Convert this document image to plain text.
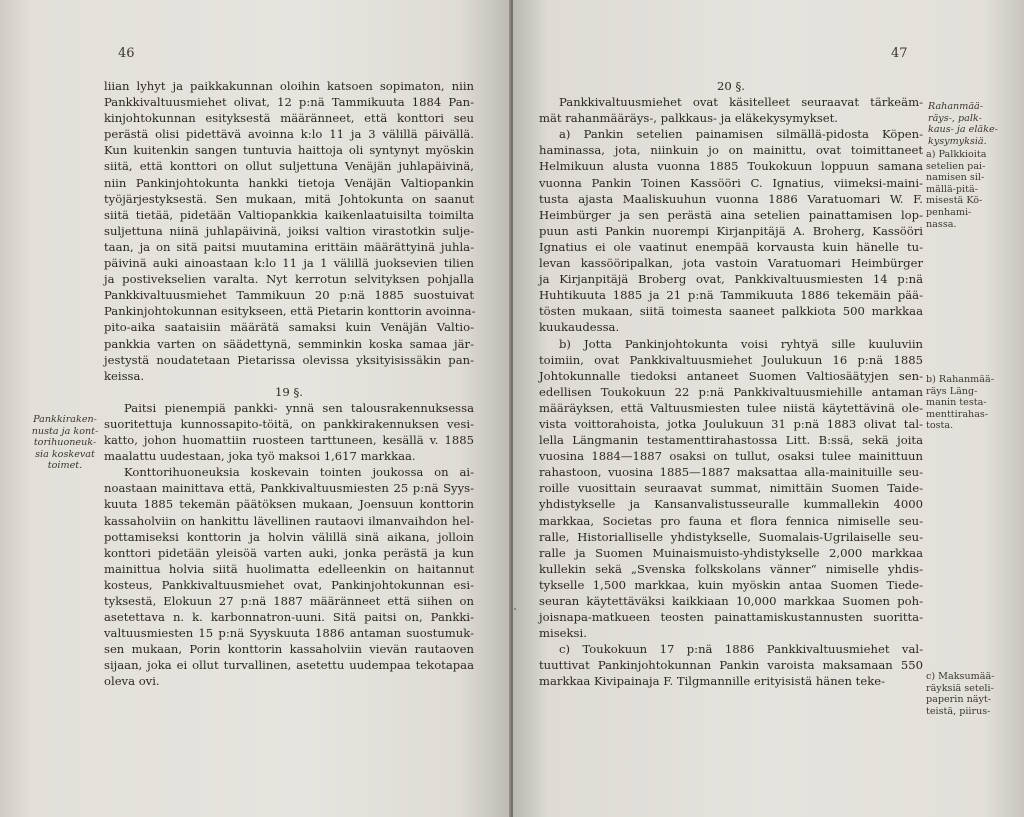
46
liian lyhyt ja paikkakunnan oloihin katsoen sopimaton, niin
Pankkivaltuusmiehet olivat, 12 p:nä Tammikuuta 1884 Pan-
kinjohtokunnan esityksestä määränneet, että konttori seu
perästä olisi pidettävä avoinna k:lo 11 ja 3 välillä päivällä.
Kun kuitenkin sangen tuntuvia haittoja oli syntynyt myöskin
siitä, että konttori on ollut suljettuna Venäjän juhlapäivinä,
niin Pankinjohtokunta hankki tietoja Venäjän Valtiopankin
työjärjestyksestä. Sen mukaan, mitä Johtokunta on saanut
siitä tietää, pidetään Valtiopankkia kaikenlaatuisilta toimilta
suljettuna niinä juhlapäivinä, joiksi valtion virastotkin sulje-
taan, ja on sitä paitsi muutamina erittäin määrättyinä juhla-
päivinä auki ainoastaan k:lo 11 ja 1 välillä juoksevien tilien
ja postivekselien varalta. Nyt kerrotun selvityksen pohjalla
Pankkivaltuusmiehet Tammikuun 20 p:nä 1885 suostuivat
Pankinjohtokunnan esitykseen, että Pietarin konttorin avoinna-
pito-aika saataisiin määrätä samaksi kuin Venäjän Valtio-
pankkia varten on säädettynä, semminkin koska samaa jär-
jestystä noudatetaan Pietarissa olevissa yksityisissäkin pan-
keissa.
19 §.
Paitsi pienempiä pankki- ynnä sen talousrakennuksessa
suoritettuja kunnossapito-töitä, on pankkirakennuksen vesi-
katto, johon huomattiin ruosteen tarttuneen, kesällä v. 1885
maalattu uudestaan, joka työ maksoi 1,617 markkaa.
Konttorihuoneuksia koskevain tointen joukossa on ai-
noastaan mainittava että, Pankkivaltuusmiesten 25 p:nä Syys-
kuuta 1885 tekemän päätöksen mukaan, Joensuun konttorin
kassaholviin on hankittu lävellinen rautaovi ilmanvaihdon hel-
pottamiseksi konttorin ja holvin välillä sinä aikana, jolloin
konttori pidetään yleisöä varten auki, jonka perästä ja kun
mainittua holvia siitä huolimatta edelleenkin on haitannut
kosteus, Pankkivaltuusmiehet ovat, Pankinjohtokunnan esi-
tyksestä, Elokuun 27 p:nä 1887 määränneet että siihen on
asetettava n. k. karbonnatron-uuni. Sitä paitsi on, Pankki-
valtuusmiesten 15 p:nä Syyskuuta 1886 antaman suostumuk-
sen mukaan, Porin konttorin kassaholviin vievän rautaoven
sijaan, joka ei ollut turvallinen, asetettu uudempaa tekotapaa
oleva ovi.
Pankkiraken-
nusta ja kont-
torihuoneuk-
sia koskevat
toimet.
47
20 §.
Pankkivaltuusmiehet ovat käsitelleet seuraavat tärkeäm-
mät rahanmääräys-, palkkaus- ja eläkekysymykset.
a) Pankin setelien painamisen silmällä-pidosta Köpen-
haminassa, jota, niinkuin jo on mainittu, ovat toimittaneet
Helmikuun alusta vuonna 1885 Toukokuun loppuun samana
vuonna Pankin Toinen Kassööri C. Ignatius, viimeksi-maini-
tusta ajasta Maaliskuuhun vuonna 1886 Varatuomari W. F.
Heimbürger ja sen perästä aina setelien painattamisen lop-
puun asti Pankin nuorempi Kirjanpitäjä A. Broherg, Kassööri
Ignatius ei ole vaatinut enempää korvausta kuin hänelle tu-
levan kassööripalkan, jota vastoin Varatuomari Heimbürger
ja Kirjanpitäjä Broberg ovat, Pankkivaltuusmiesten 14 p:nä
Huhtikuuta 1885 ja 21 p:nä Tammikuuta 1886 tekemäin pää-
tösten mukaan, siitä toimesta saaneet palkkiota 500 markkaa
kuukaudessa.
b) Jotta Pankinjohtokunta voisi ryhtyä sille kuuluviin
toimiin, ovat Pankkivaltuusmiehet Joulukuun 16 p:nä 1885
Johtokunnalle tiedoksi antaneet Suomen Valtiosäätyjen sen-
edellisen Toukokuun 22 p:nä Pankkivaltuusmiehille antaman
määräyksen, että Valtuusmiesten tulee niistä käytettävinä ole-
vista voittorahoista, jotka Joulukuun 31 p:nä 1883 olivat tal-
lella Längmanin testamenttirahastossa Litt. B:ssä, sekä joita
vuosina 1884—1887 osaksi on tullut, osaksi tulee mainittuun
rahastoon, vuosina 1885—1887 maksattaa alla-mainituille seu-
roille vuosittain seuraavat summat, nimittäin Suomen Taide-
yhdistykselle ja Kansanvalistusseuralle kummallekin 4000
markkaa, Societas pro fauna et flora fennica nimiselle seu-
ralle, Historialliselle yhdistykselle, Suomalais-Ugrilaiselle seu-
ralle ja Suomen Muinaismuisto-yhdistykselle 2,000 markkaa
kullekin sekä „Svenska folkskolans vänner“ nimiselle yhdis-
tykselle 1,500 markkaa, kuin myöskin antaa Suomen Tiede-
seuran käytettäväksi kaikkiaan 10,000 markkaa Suomen poh-
joisnapa-matkueen teosten painattamiskustannusten suoritta-
miseksi.
c) Toukokuun 17 p:nä 1886 Pankkivaltuusmiehet val-
tuuttivat Pankinjohtokunnan Pankin varoista maksamaan 550
markkaa Kivipainaja F. Tilgmannille erityisistä hänen teke-
Rahanmää-
räys-, palk-
kaus- ja eläke-
kysymyksiä.
a) Palkkioita
setelien pai-
namisen sil-
mällä-pitä-
misestä Kö-
penhami-
nassa.
b) Rahanmää-
räys Läng-
manin testa-
menttirahas-
tosta.
c) Maksumää-
räyksiä seteli-
paperin näyt-
teistä, piirus-
